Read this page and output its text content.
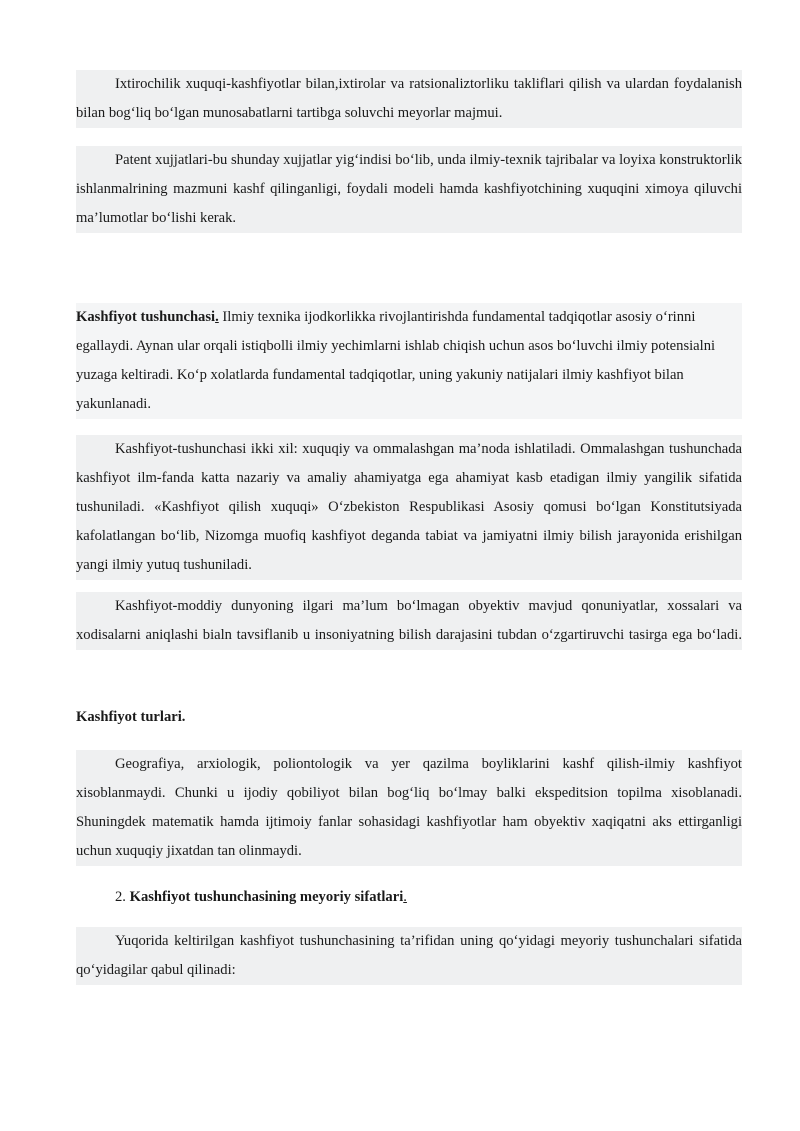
Ixtirochilik xuquqi-kashfiyotlar bilan,ixtirolar va ratsionaliztorliku takliflari qilish va ulardan foydalanish bilan bog‘liq bo‘lgan munosabatlarni tartibga soluvchi meyorlar majmui.

Patent xujjatlari-bu shunday xujjatlar yig‘indisi bo‘lib, unda ilmiy-texnik tajribalar va loyixa konstruktorlik ishlanmalrining mazmuni kashf qilinganligi, foydali modeli hamda kashfiyotchining xuquqini ximoya qiluvchi ma’lumotlar bo‘lishi kerak.

Kashfiyot tushunchasi. Ilmiy texnika ijodkorlikka rivojlantirishda fundamental tadqiqotlar asosiy o‘rinni egallaydi. Aynan ular orqali istiqbolli ilmiy yechimlarni ishlab chiqish uchun asos bo‘luvchi ilmiy potensialni yuzaga keltiradi. Ko‘p xolatlarda fundamental tadqiqotlar, uning yakuniy natijalari ilmiy kashfiyot bilan yakunlanadi.

Kashfiyot-tushunchasi ikki xil: xuquqiy va ommalashgan ma’noda ishlatiladi. Ommalashgan tushunchada kashfiyot ilm-fanda katta nazariy va amaliy ahamiyatga ega ahamiyat kasb etadigan ilmiy yangilik sifatida tushuniladi. «Kashfiyot qilish xuquqi» O‘zbekiston Respublikasi Asosiy qomusi bo‘lgan Konstitutsiyada kafolatlangan bo‘lib, Nizomga muofiq kashfiyot deganda tabiat va jamiyatni ilmiy bilish jarayonida erishilgan yangi ilmiy yutuq tushuniladi.

Kashfiyot-moddiy dunyoning ilgari ma’lum bo‘lmagan obyektiv mavjud qonuniyatlar, xossalari va xodisalarni aniqlashi bialn tavsiflanib u insoniyatning bilish darajasini tubdan o‘zgartiruvchi tasirga ega bo‘ladi.

Kashfiyot turlari.

Geografiya, arxiologik, poliontologik va yer qazilma boyliklarini kashf qilish-ilmiy kashfiyot xisoblanmaydi. Chunki u ijodiy qobiliyot bilan bog‘liq bo‘lmay balki ekspeditsion topilma xisoblanadi. Shuningdek matematik hamda ijtimoiy fanlar sohasidagi kashfiyotlar ham obyektiv xaqiqatni aks ettirganligi uchun xuquqiy jixatdan tan olinmaydi.

2. Kashfiyot tushunchasining meyoriy sifatlari.

Yuqorida keltirilgan kashfiyot tushunchasining ta’rifidan uning qo‘yidagi meyoriy tushunchalari sifatida qo‘yidagilar qabul qilinadi:
